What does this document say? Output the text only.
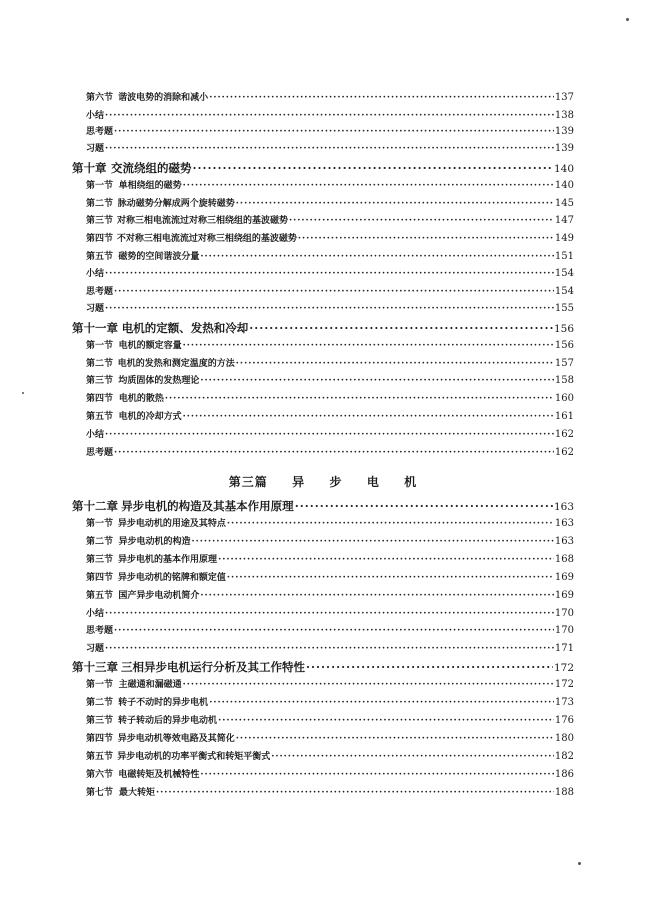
第六节 谐波电势的消除和减小 ·····	137
小结 ·····	138
思考题 ·····	139
习题 ·····	139
第十章 交流绕组的磁势 ·····	140
第一节 单相绕组的磁势 ·····	140
第二节 脉动磁势分解成两个旋转磁势 ·····	145
第三节 对称三相电流流过对称三相绕组的基波磁势 ·····	147
第四节 不对称三相电流流过对称三相绕组的基波磁势 ·····	149
第五节 磁势的空间谐波分量 ·····	151
小结 ·····	154
思考题 ·····	154
习题 ·····	155
第十一章 电机的定额、发热和冷却 ·····	156
第一节 电机的额定容量 ·····	156
第二节 电机的发热和测定温度的方法 ·····	157
第三节 均质固体的发热理论 ·····	158
第四节 电机的散热 ·····	160
第五节 电机的冷却方式 ·····	161
小结 ·····	162
思考题 ·····	162
第十二章 异步电机的构造及其基本作用原理 ·····	163
第一节 异步电动机的用途及其特点 ·····	163
第二节 异步电动机的构造 ·····	163
第三节 异步电机的基本作用原理 ·····	168
第四节 异步电动机的铭牌和额定值 ·····	169
第五节 国产异步电动机简介 ·····	169
小结 ·····	170
思考题 ·····	170
习题 ·····	171
第十三章 三相异步电机运行分析及其工作特性 ·····	172
第一节 主磁通和漏磁通 ·····	172
第二节 转子不动时的异步电机 ·····	173
第三节 转子转动后的异步电动机 ·····	176
第四节 异步电动机等效电路及其简化 ·····	180
第五节 异步电动机的功率平衡式和转矩平衡式 ·····	182
第六节 电磁转矩及机械特性 ·····	186
第七节 最大转矩 ·····	188
第三篇 异 步 电 机
